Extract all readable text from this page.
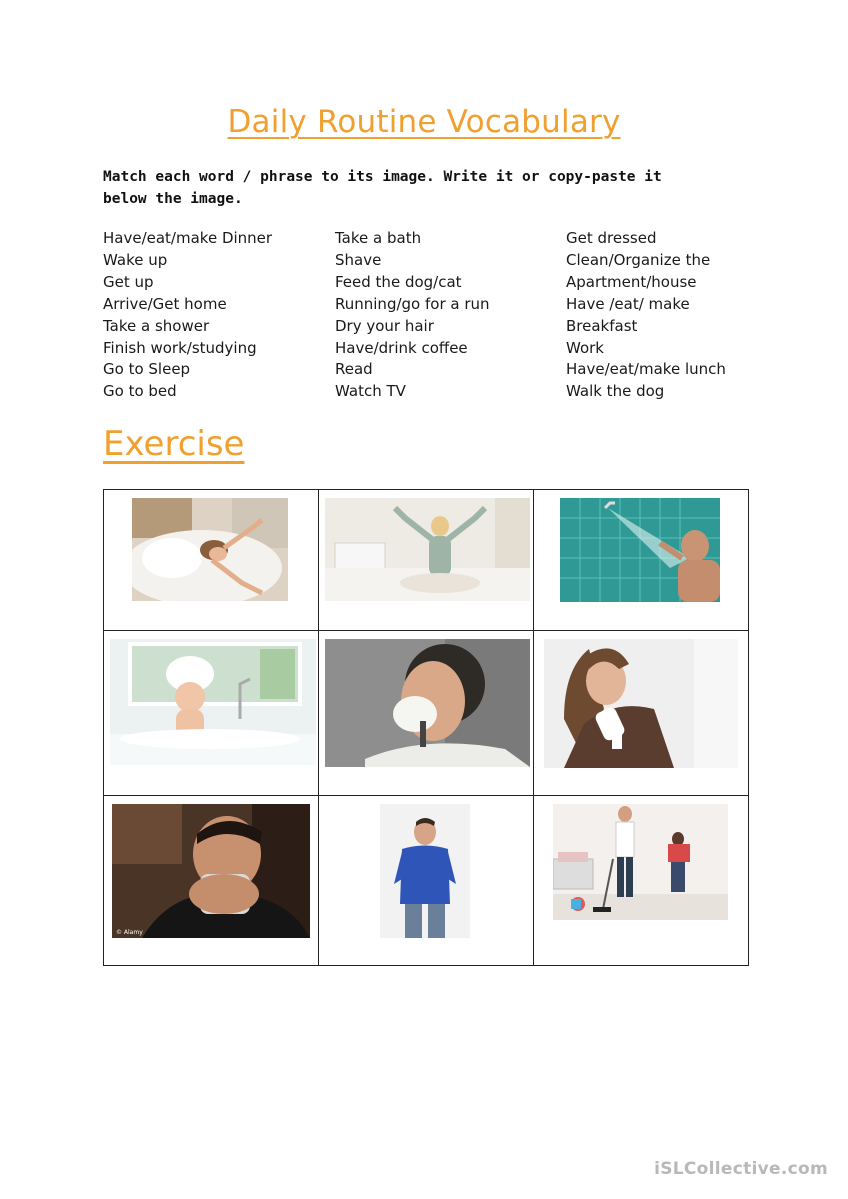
Daily Routine Vocabulary
Match each word / phrase to its image. Write it or copy-paste it below the image.
Have/eat/make Dinner
Wake up
Get up
Arrive/Get home
Take a shower
Finish work/studying
Go to Sleep
Go to bed
Take a bath
Shave
Feed the dog/cat
Running/go for a run
Dry your hair
Have/drink coffee
Read
Watch TV
Get dressed
Clean/Organize the
Apartment/house
Have /eat/ make
Breakfast
Work
Have/eat/make lunch
Walk the dog
Exercise

© Alamy

iSLCollective.com
